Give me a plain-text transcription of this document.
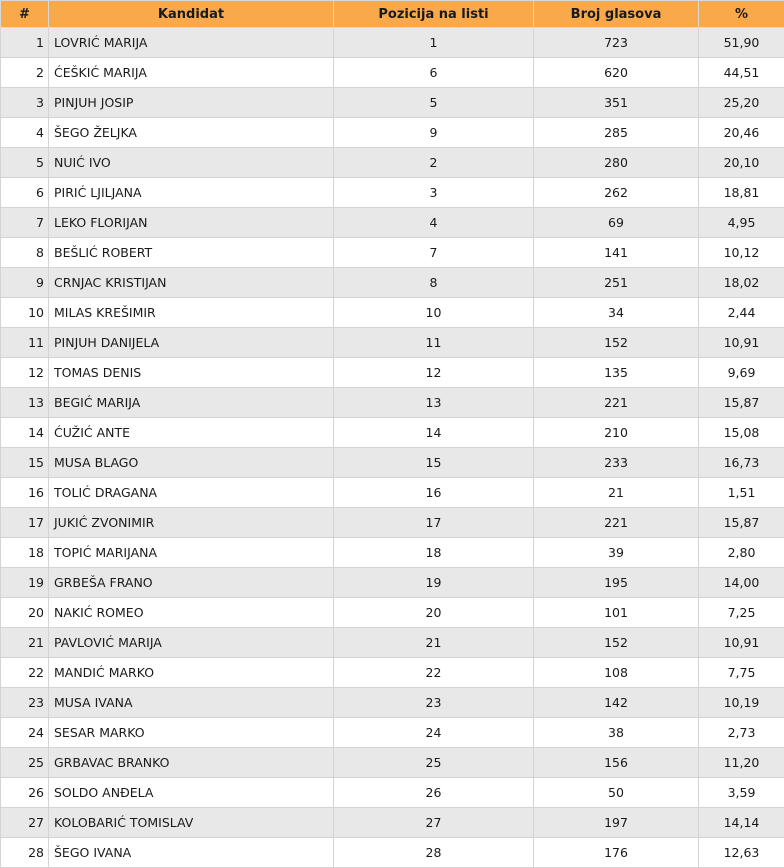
#	Kandidat	Pozicija na listi	Broj glasova	%
1	LOVRIĆ MARIJA	1	723	51,90
2	ĆEŠKIĆ MARIJA	6	620	44,51
3	PINJUH JOSIP	5	351	25,20
4	ŠEGO ŽELJKA	9	285	20,46
5	NUIĆ IVO	2	280	20,10
6	PIRIĆ LJILJANA	3	262	18,81
7	LEKO FLORIJAN	4	69	4,95
8	BEŠLIĆ ROBERT	7	141	10,12
9	CRNJAC KRISTIJAN	8	251	18,02
10	MILAS KREŠIMIR	10	34	2,44
11	PINJUH DANIJELA	11	152	10,91
12	TOMAS DENIS	12	135	9,69
13	BEGIĆ MARIJA	13	221	15,87
14	ĆUŽIĆ ANTE	14	210	15,08
15	MUSA BLAGO	15	233	16,73
16	TOLIĆ DRAGANA	16	21	1,51
17	JUKIĆ ZVONIMIR	17	221	15,87
18	TOPIĆ MARIJANA	18	39	2,80
19	GRBEŠA FRANO	19	195	14,00
20	NAKIĆ ROMEO	20	101	7,25
21	PAVLOVIĆ MARIJA	21	152	10,91
22	MANDIĆ MARKO	22	108	7,75
23	MUSA IVANA	23	142	10,19
24	SESAR MARKO	24	38	2,73
25	GRBAVAC BRANKO	25	156	11,20
26	SOLDO ANĐELA	26	50	3,59
27	KOLOBARIĆ TOMISLAV	27	197	14,14
28	ŠEGO IVANA	28	176	12,63
